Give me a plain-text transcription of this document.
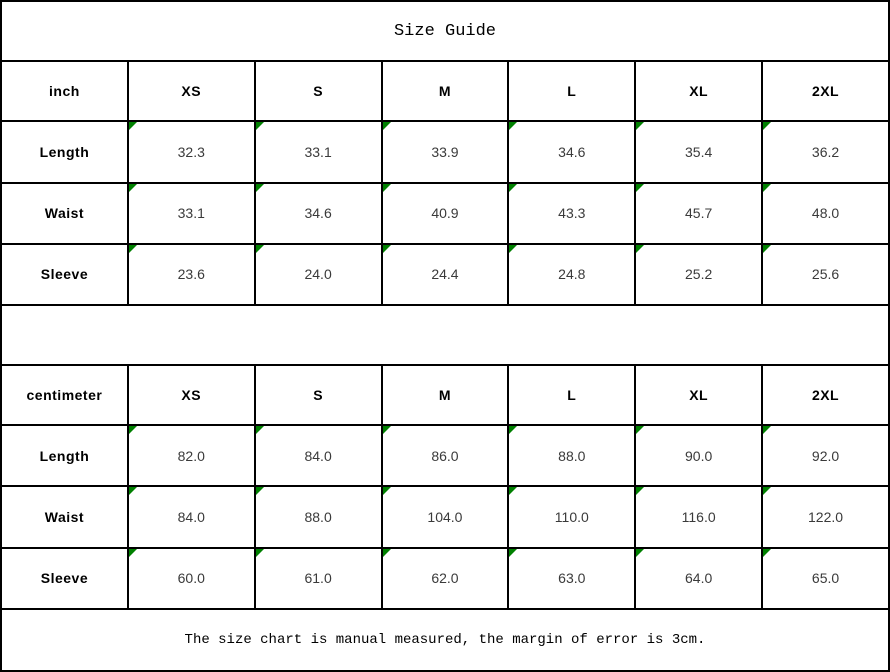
Size Guide						
inch	XS	S	M	L	XL	2XL
Length	32.3	33.1	33.9	34.6	35.4	36.2
Waist	33.1	34.6	40.9	43.3	45.7	48.0
Sleeve	23.6	24.0	24.4	24.8	25.2	25.6

centimeter	XS	S	M	L	XL	2XL
Length	82.0	84.0	86.0	88.0	90.0	92.0
Waist	84.0	88.0	104.0	110.0	116.0	122.0
Sleeve	60.0	61.0	62.0	63.0	64.0	65.0
The size chart is manual measured, the margin of error is 3cm.						
